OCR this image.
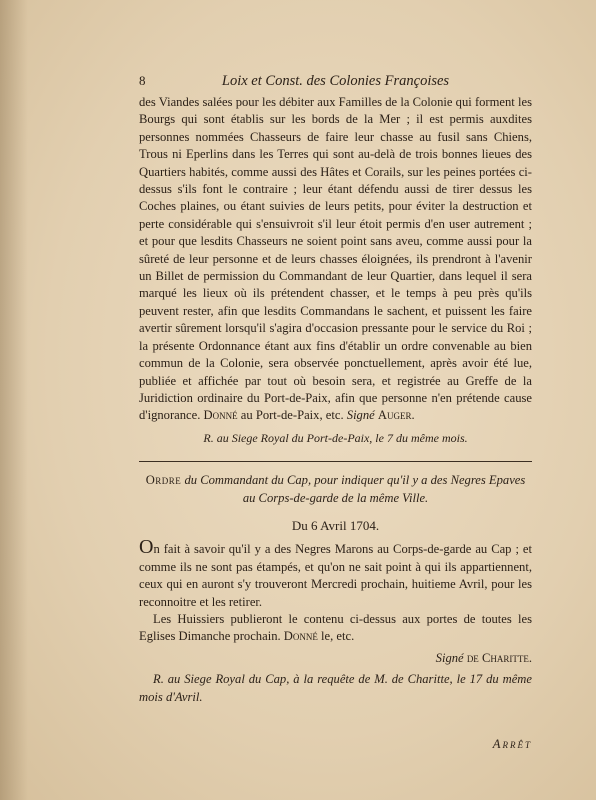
8	Loix et Const. des Colonies Françoises

des Viandes salées pour les débiter aux Familles de la Colonie qui forment les Bourgs qui sont établis sur les bords de la Mer ; il est permis auxdites personnes nommées Chasseurs de faire leur chasse au fusil sans Chiens, Trous ni Eperlins dans les Terres qui sont au-delà de trois bonnes lieues des Quartiers habités, comme aussi des Hâtes et Corails, sur les peines portées ci-dessus s'ils font le contraire ; leur étant défendu aussi de tirer dessus les Coches plaines, ou étant suivies de leurs petits, pour éviter la destruction et perte considérable qui s'ensuivroit s'il leur étoit permis d'en user autrement ; et pour que lesdits Chasseurs ne soient point sans aveu, comme aussi pour la sûreté de leur personne et de leurs chasses éloignées, ils prendront à l'avenir un Billet de permission du Commandant de leur Quartier, dans lequel il sera marqué les lieux où ils prétendent chasser, et le temps à peu près qu'ils peuvent rester, afin que lesdits Commandans le sachent, et puissent les faire avertir sûrement lorsqu'il s'agira d'occasion pressante pour le service du Roi ; la présente Ordonnance étant aux fins d'établir un ordre convenable au bien commun de la Colonie, sera observée ponctuellement, après avoir été lue, publiée et affichée par tout où besoin sera, et registrée au Greffe de la Juridiction ordinaire du Port-de-Paix, afin que personne n'en prétende cause d'ignorance. Donné au Port-de-Paix, etc. Signé Auger.

R. au Siege Royal du Port-de-Paix, le 7 du même mois.
Ordre du Commandant du Cap, pour indiquer qu'il y a des Negres Epaves au Corps-de-garde de la même Ville.
Du 6 Avril 1704.

On fait à savoir qu'il y a des Negres Marons au Corps-de-garde au Cap ; et comme ils ne sont pas étampés, et qu'on ne sait point à qui ils appartiennent, ceux qui en auront s'y trouveront Mercredi prochain, huitieme Avril, pour les reconnoitre et les retirer.

Les Huissiers publieront le contenu ci-dessus aux portes de toutes les Eglises Dimanche prochain. Donné le, etc.

Signé de Charitte.

R. au Siege Royal du Cap, à la requête de M. de Charitte, le 17 du même mois d'Avril.

Arrêt
